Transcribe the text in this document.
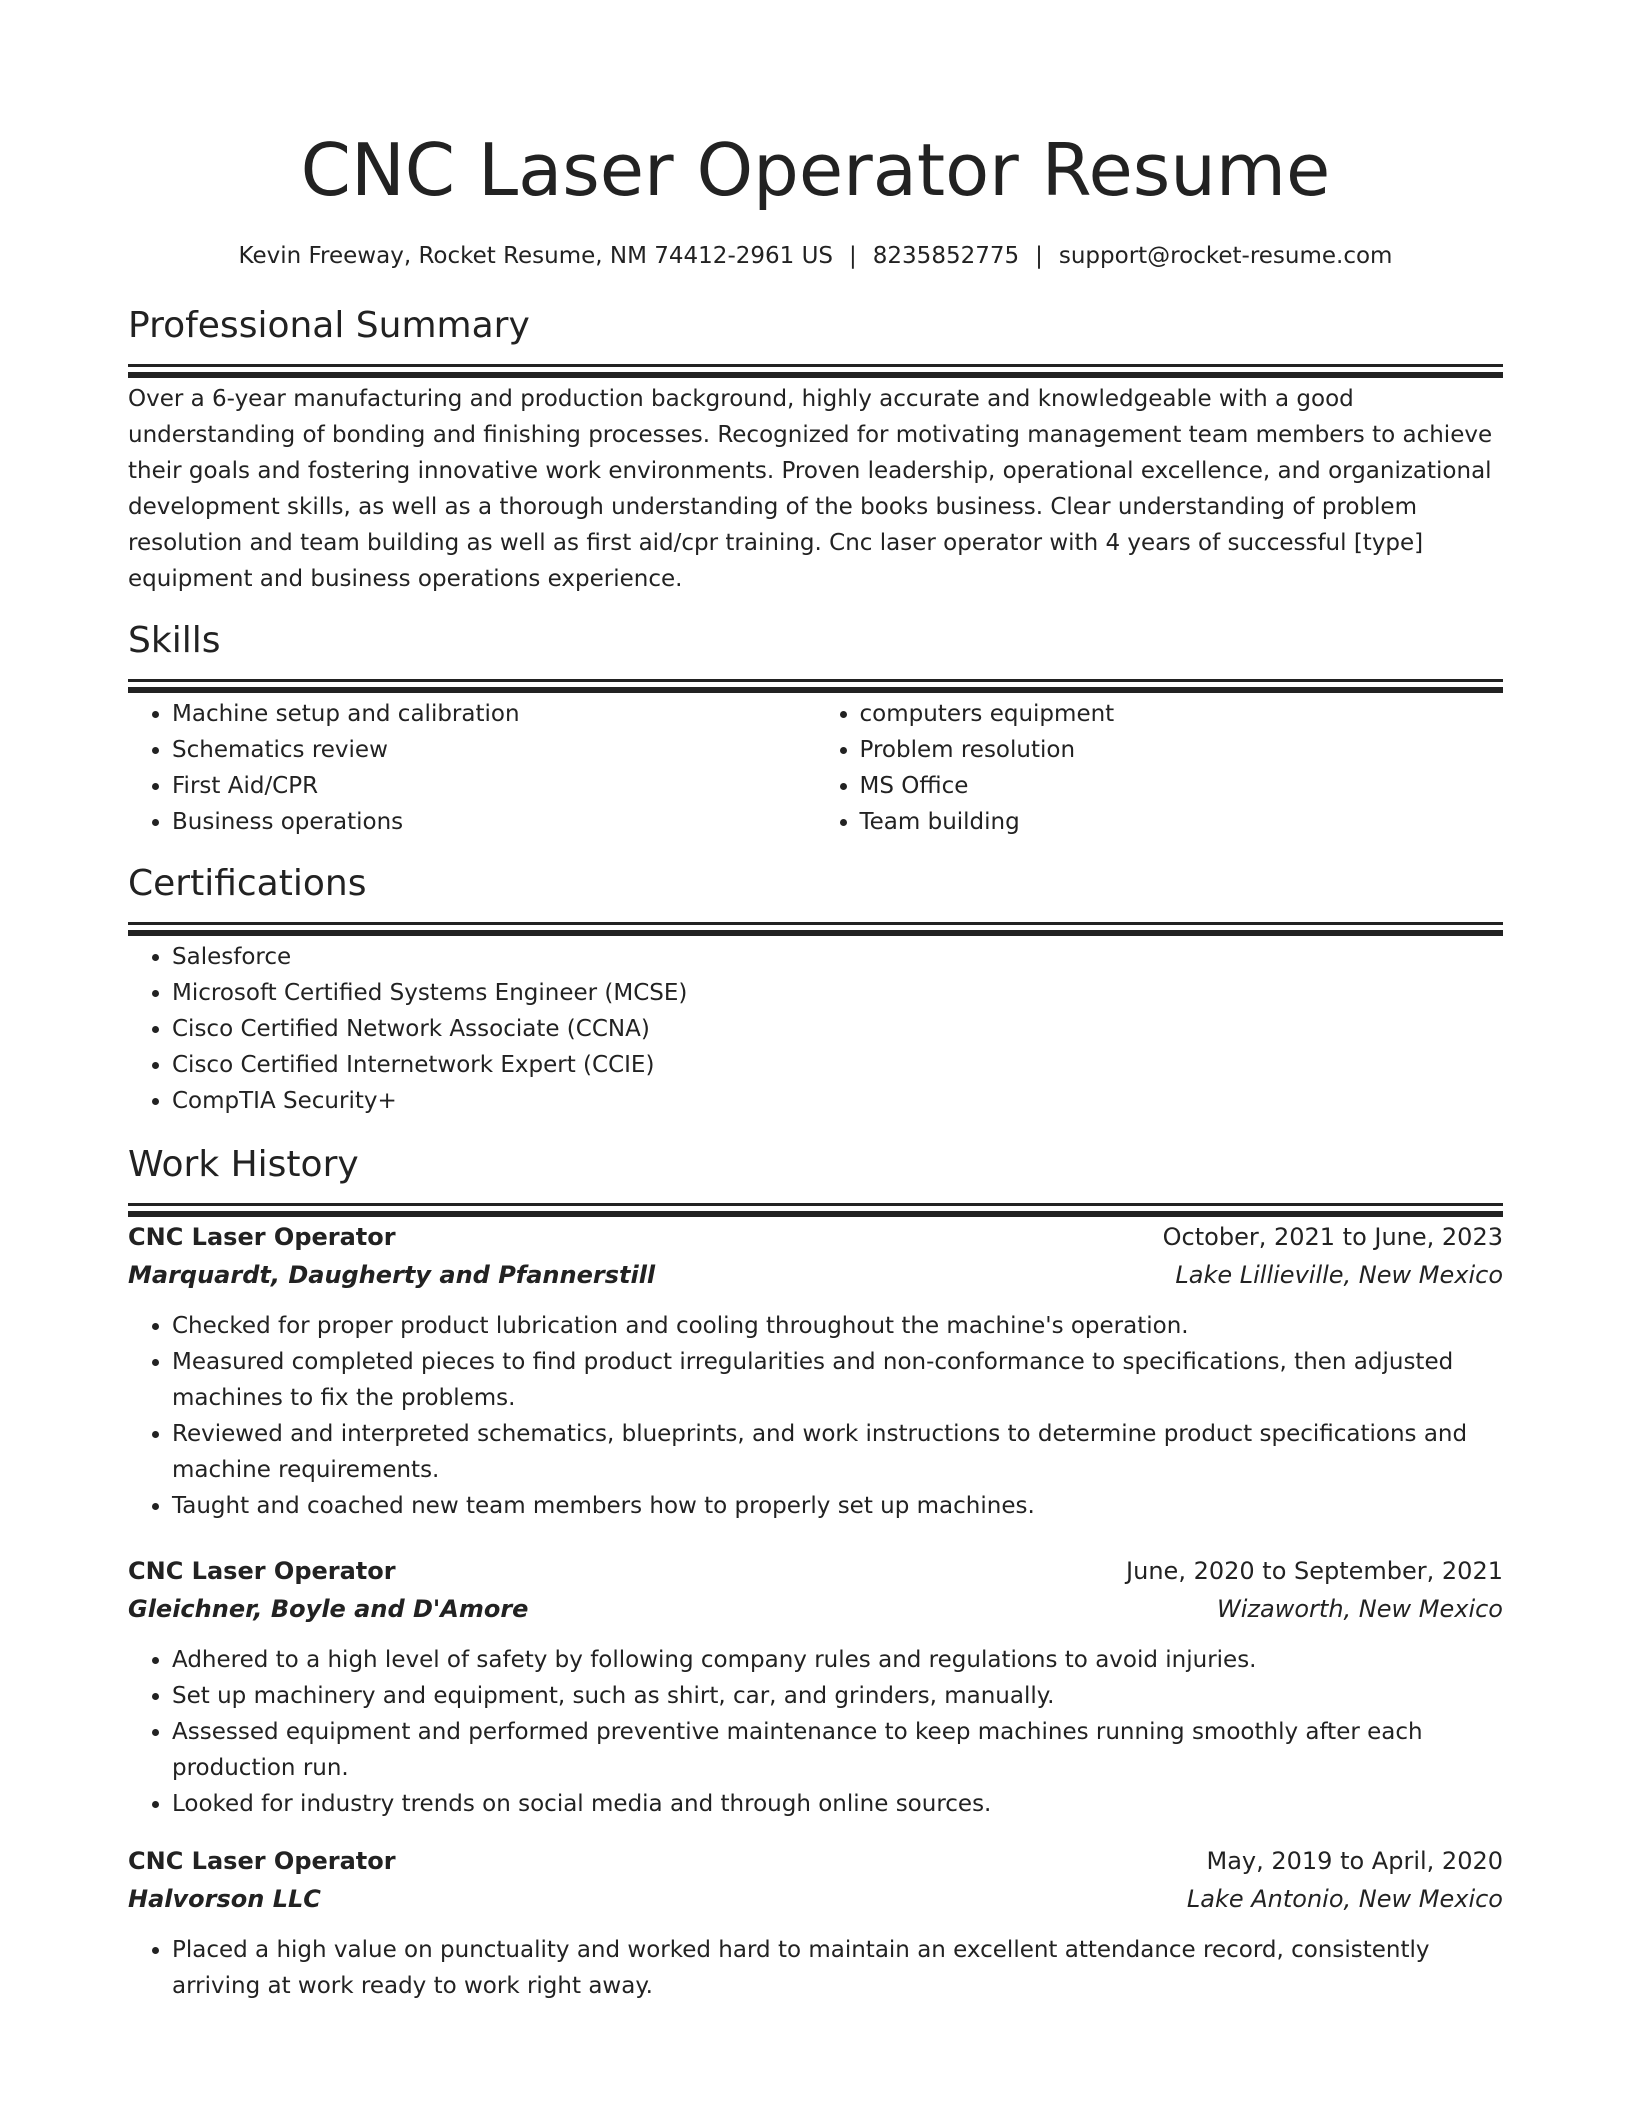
CNC Laser Operator Resume
Kevin Freeway, Rocket Resume, NM 74412-2961 US | 8235852775 | support@rocket-resume.com
Professional Summary

Over a 6-year manufacturing and production background, highly accurate and knowledgeable with a good understanding of bonding and finishing processes. Recognized for motivating management team members to achieve their goals and fostering innovative work environments. Proven leadership, operational excellence, and organizational development skills, as well as a thorough understanding of the books business. Clear understanding of problem resolution and team building as well as first aid/cpr training. Cnc laser operator with 4 years of successful [type] equipment and business operations experience.

Skills
• Machine setup and calibration
• Schematics review
• First Aid/CPR
• Business operations
• computers equipment
• Problem resolution
• MS Office
• Team building
Certifications
• Salesforce
• Microsoft Certified Systems Engineer (MCSE)
• Cisco Certified Network Associate (CCNA)
• Cisco Certified Internetwork Expert (CCIE)
• CompTIA Security+
Work History
CNC Laser Operator	October, 2021 to June, 2023
Marquardt, Daugherty and Pfannerstill	Lake Lillieville, New Mexico
• Checked for proper product lubrication and cooling throughout the machine's operation.
• Measured completed pieces to find product irregularities and non-conformance to specifications, then adjusted machines to fix the problems.
• Reviewed and interpreted schematics, blueprints, and work instructions to determine product specifications and machine requirements.
• Taught and coached new team members how to properly set up machines.
CNC Laser Operator	June, 2020 to September, 2021
Gleichner, Boyle and D'Amore	Wizaworth, New Mexico
• Adhered to a high level of safety by following company rules and regulations to avoid injuries.
• Set up machinery and equipment, such as shirt, car, and grinders, manually.
• Assessed equipment and performed preventive maintenance to keep machines running smoothly after each production run.
• Looked for industry trends on social media and through online sources.
CNC Laser Operator	May, 2019 to April, 2020
Halvorson LLC	Lake Antonio, New Mexico
• Placed a high value on punctuality and worked hard to maintain an excellent attendance record, consistently arriving at work ready to work right away.
